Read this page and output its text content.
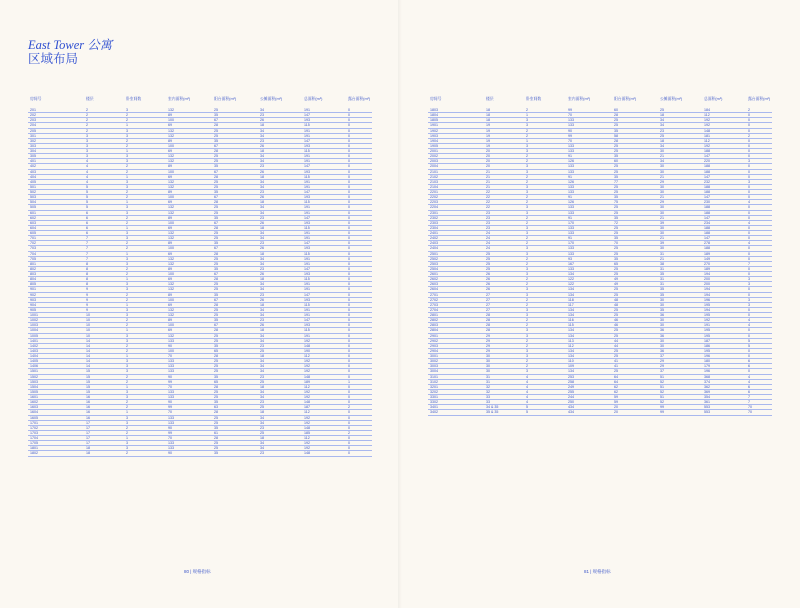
East Tower 公寓
区域布局
房间号	楼层	卧室间数	室内面积(m²)	阳台面积(m²)	公摊面积(m²)	总面积(m²)	露台面积(m²)
201	2	3	132	25	34	191	0
202	2	2	89	35	23	147	0
203	2	2	100	67	26	193	0
204	2	1	69	28	18	115	0
205	2	3	132	25	34	191	0
301	3	3	132	25	34	191	0
302	3	2	89	35	23	147	0
303	3	2	100	67	26	193	0
304	3	1	69	28	18	115	0
305	3	3	132	25	34	191	0
401	4	3	132	25	34	191	0
402	4	2	89	35	23	147	0
403	4	2	100	67	26	193	0
404	4	1	69	28	18	115	0
405	4	3	132	25	34	191	0
501	5	3	132	25	34	191	0
502	5	2	89	35	23	147	0
503	5	2	100	67	26	193	0
504	5	1	69	28	18	115	0
505	5	3	132	25	34	191	0
601	6	3	132	25	34	191	0
602	6	2	89	35	23	147	0
603	6	2	100	67	26	193	0
604	6	1	69	28	18	115	0
605	6	3	132	25	34	191	0
701	7	3	132	25	34	191	0
702	7	2	89	35	23	147	0
703	7	2	100	67	26	193	0
704	7	1	69	28	18	115	0
705	7	3	132	25	34	191	0
801	8	3	132	25	34	191	0
802	8	2	89	35	23	147	0
803	8	2	100	67	26	193	0
804	8	1	69	28	18	115	0
805	8	3	132	25	34	191	0
901	9	3	132	25	34	191	0
902	9	2	89	35	23	147	0
903	9	2	100	67	26	193	0
904	9	1	69	28	18	115	0
905	9	3	132	25	34	191	0
1001	10	3	132	25	34	191	0
1002	10	2	89	35	23	147	0
1003	10	2	100	67	26	193	0
1004	10	1	69	28	18	115	0
1005	10	3	132	25	34	191	0
1401	14	3	133	25	34	192	0
1402	14	2	90	35	23	148	0
1403	14	2	100	65	25	190	0
1404	14	1	70	28	18	112	0
1405	14	3	133	25	34	192	0
1406	14	3	133	25	34	192	0
1501	15	3	133	25	34	192	0
1502	15	2	90	35	23	148	0
1503	15	2	99	65	25	189	1
1504	15	1	70	28	18	112	0
1505	15	3	133	25	34	192	0
1601	16	3	133	25	34	192	0
1602	16	2	90	35	23	148	0
1603	16	2	99	63	25	187	2
1604	16	1	70	28	18	112	0
1605	16	3	133	25	34	192	0
1701	17	3	133	25	34	192	0
1702	17	2	90	35	23	148	0
1703	17	2	99	61	25	185	2
1704	17	1	70	28	18	112	0
1705	17	3	133	25	34	192	0
1801	18	3	133	25	34	192	0
1802	18	2	90	35	23	148	0
房间号	楼层	卧室间数	室内面积(m²)	阳台面积(m²)	公摊面积(m²)	总面积(m²)	露台面积(m²)
1803	18	2	99	60	25	184	2
1804	18	1	70	28	18	112	0
1805	18	3	133	25	34	192	0
1901	19	3	133	25	34	192	0
1902	19	2	90	35	23	148	0
1903	19	2	99	58	25	181	2
1904	19	1	70	28	18	112	0
1905	19	3	133	25	34	192	0
2001	20	3	133	25	30	188	0
2002	20	2	91	35	21	147	0
2003	20	2	126	60	34	220	3
2004	20	3	133	25	30	188	0
2101	21	3	133	25	30	188	0
2102	21	2	91	35	21	147	0
2103	21	2	126	77	29	232	3
2104	21	3	133	25	30	188	0
2201	22	3	133	25	30	188	0
2202	22	2	91	35	21	147	0
2203	22	2	126	75	29	230	4
2204	22	3	133	25	30	188	0
2301	23	3	133	25	30	188	0
2302	23	2	91	35	21	147	0
2303	23	2	170	72	39	234	4
2304	23	3	133	25	30	188	0
2401	24	3	133	25	30	188	0
2402	24	2	91	35	21	147	0
2403	24	2	170	70	39	278	4
2404	24	3	133	25	30	188	0
2501	25	3	133	25	31	189	0
2502	25	2	93	35	21	149	0
2503	25	2	167	65	38	270	7
2504	25	3	133	25	31	189	0
2601	26	3	134	25	35	194	0
2602	26	2	122	49	31	200	3
2603	26	2	122	49	31	200	3
2604	26	3	134	25	35	194	0
2701	27	3	134	25	35	194	0
2702	27	2	118	48	30	196	3
2703	27	2	117	48	30	195	3
2704	27	3	134	25	35	194	0
2801	28	3	134	25	36	195	0
2802	28	2	116	46	30	192	4
2803	28	2	115	46	30	191	4
2804	28	3	134	25	36	195	0
2901	29	3	134	25	36	195	0
2902	29	2	113	44	30	187	5
2903	29	2	112	44	30	186	5
2904	29	3	134	25	36	195	0
3001	30	3	134	25	37	196	0
3002	30	2	110	41	29	180	6
3003	30	2	109	41	29	179	6
3004	30	3	134	25	37	196	0
3101	31	4	253	64	51	368	4
3102	31	4	258	64	52	374	4
3201	32	4	249	62	51	362	6
3202	32	4	255	62	52	369	6
3301	33	4	244	59	51	354	7
3302	33	4	250	59	52	361	7
3401	34 & 35	5	434	20	99	553	70
3402	35 & 35	5	434	20	99	553	70
80 | 规格指标	81 | 规格指标
